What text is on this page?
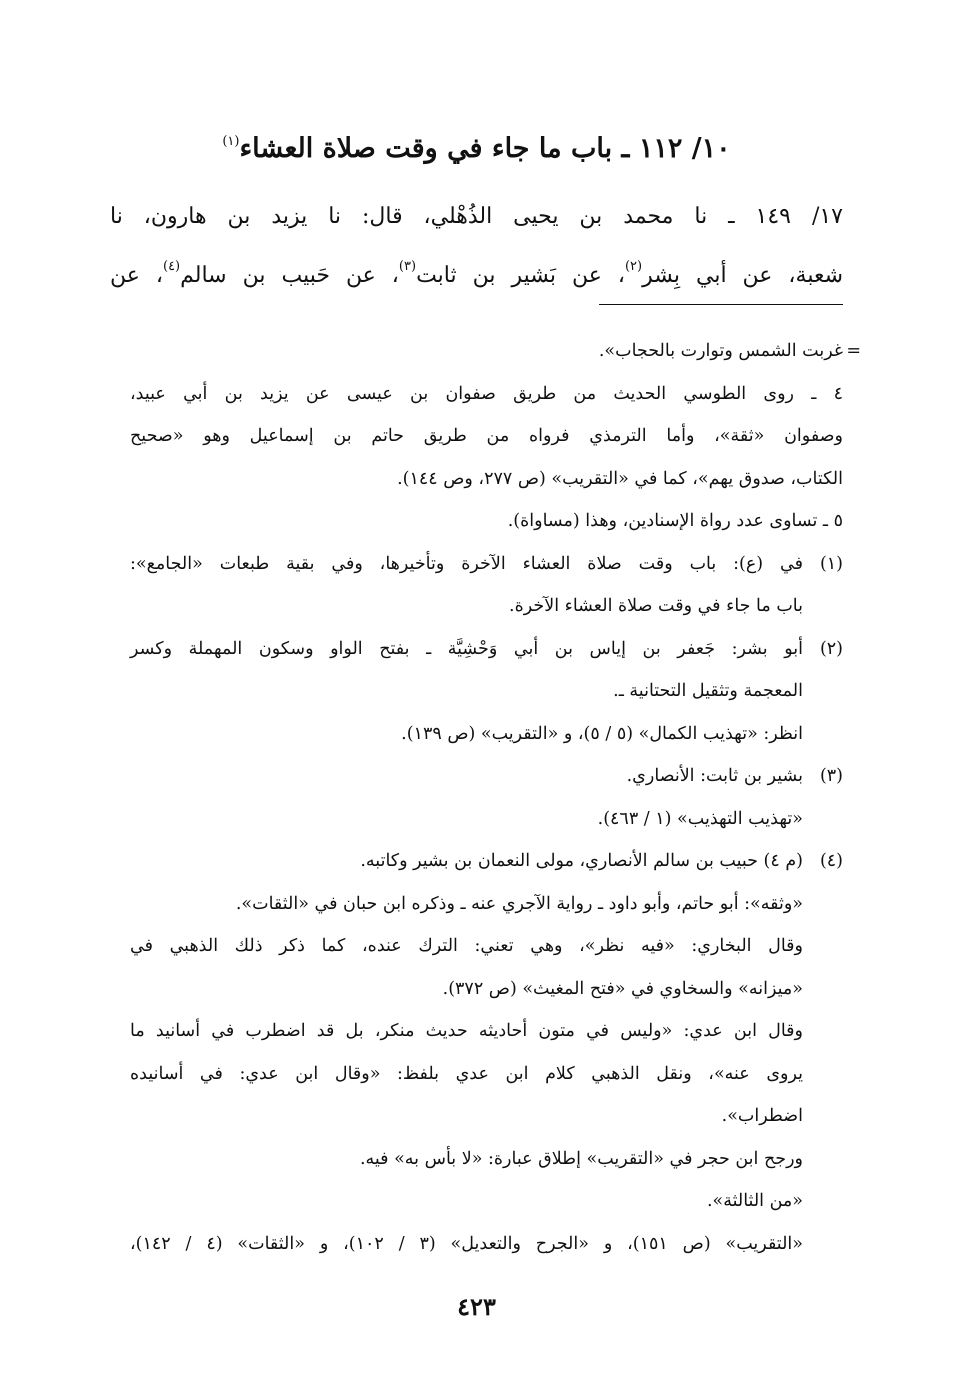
١٠/ ١١٢ ـ باب ما جاء في وقت صلاة العشاء$^{(١)}$
١٧/ ١٤٩ ـ نا محمد بن يحيى الذُهْلي، قال: نا يزيد بن هارون، نا
شعبة، عن أبي بِشر$^{(٢)}$، عن بَشير بن ثابت$^{(٣)}$، عن حَبيب بن سالم$^{(٤)}$، عن
=
غربت الشمس وتوارت بالحجاب».
٤ ـ روى الطوسي الحديث من طريق صفوان بن عيسى عن يزيد بن أبي عبيد،
وصفوان «ثقة»، وأما الترمذي فرواه من طريق حاتم بن إسماعيل وهو «صحيح
الكتاب، صدوق يهم»، كما في «التقريب» (ص ٢٧٧، وص ١٤٤).
٥ ـ تساوى عدد رواة الإسنادين، وهذا (مساواة).
(١)في (ع): باب وقت صلاة العشاء الآخرة وتأخيرها، وفي بقية طبعات «الجامع»:
باب ما جاء في وقت صلاة العشاء الآخرة.
(٢)أبو بشر: جَعفر بن إياس بن أبي وَحْشِيَّة ـ بفتح الواو وسكون المهملة وكسر
المعجمة وتثقيل التحتانية ـ.
انظر: «تهذيب الكمال» (٥ / ٥)، و «التقريب» (ص ١٣٩).
(٣)بشير بن ثابت: الأنصاري.
«تهذيب التهذيب» (١ / ٤٦٣).
(٤)(م ٤) حبيب بن سالم الأنصاري، مولى النعمان بن بشير وكاتبه.
«وثقه»: أبو حاتم، وأبو داود ـ رواية الآجري عنه ـ وذكره ابن حبان في «الثقات».
وقال البخاري: «فيه نظر»، وهي تعني: الترك عنده، كما ذكر ذلك الذهبي في
«ميزانه» والسخاوي في «فتح المغيث» (ص ٣٧٢).
وقال ابن عدي: «وليس في متون أحاديثه حديث منكر، بل قد اضطرب في أسانيد ما
يروى عنه»، ونقل الذهبي كلام ابن عدي بلفظ: «وقال ابن عدي: في أسانيده
اضطراب».
ورجح ابن حجر في «التقريب» إطلاق عبارة: «لا بأس به» فيه.
«من الثالثة».
«التقريب» (ص ١٥١)، و «الجرح والتعديل» (٣ / ١٠٢)، و «الثقات» (٤ / ١٤٢)،
٤٢٣
